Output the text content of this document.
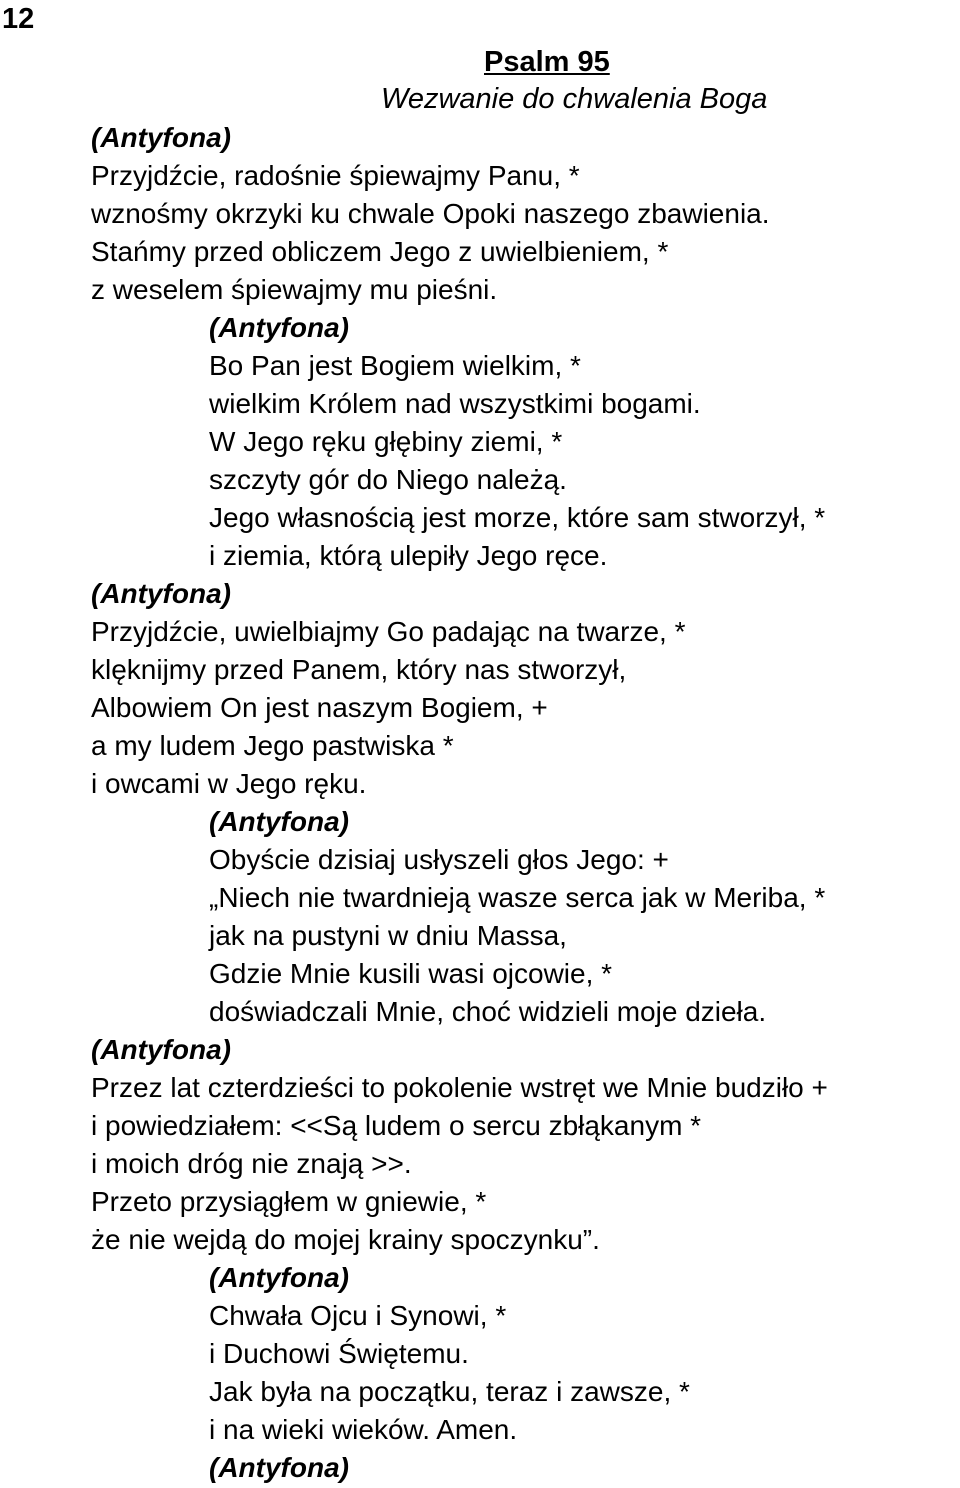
12
Psalm 95
Wezwanie do chwalenia Boga
(Antyfona)
Przyjdźcie, radośnie śpiewajmy Panu, *
wznośmy okrzyki ku chwale Opoki naszego zbawienia.
Stańmy przed obliczem Jego z uwielbieniem, *
z weselem śpiewajmy mu pieśni.
(Antyfona)
Bo Pan jest Bogiem wielkim, *
wielkim Królem nad wszystkimi bogami.
W Jego ręku głębiny ziemi, *
szczyty gór do Niego należą.
Jego własnością jest morze, które sam stworzył, *
i ziemia, którą ulepiły Jego ręce.
(Antyfona)
Przyjdźcie, uwielbiajmy Go padając na twarze, *
klęknijmy przed Panem, który nas stworzył,
Albowiem On jest naszym Bogiem, +
a my ludem Jego pastwiska *
i owcami w Jego ręku.
(Antyfona)
Obyście dzisiaj usłyszeli głos Jego: +
„Niech nie twardnieją wasze serca jak w Meriba, *
jak na pustyni w dniu Massa,
Gdzie Mnie kusili wasi ojcowie, *
doświadczali Mnie, choć widzieli moje dzieła.
(Antyfona)
Przez lat czterdzieści to pokolenie wstręt we Mnie budziło +
i powiedziałem: <<Są ludem o sercu zbłąkanym *
i moich dróg nie znają >>.
Przeto przysiągłem w gniewie, *
że nie wejdą do mojej krainy spoczynku”.
(Antyfona)
Chwała Ojcu i Synowi, *
i Duchowi Świętemu.
Jak była na początku, teraz i zawsze, *
i na wieki wieków. Amen.
(Antyfona)
